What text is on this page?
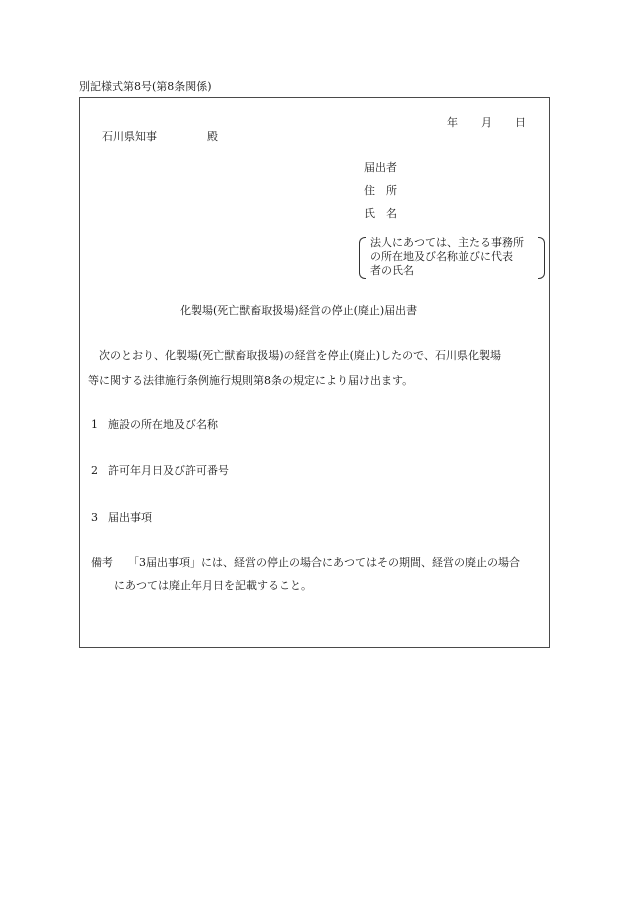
別記様式第8号(第8条関係)
年 月 日
石川県知事	殿
届出者
住　所
氏　名
法人にあつては、主たる事務所
の所在地及び名称並びに代表
者の氏名
化製場(死亡獣畜取扱場)経営の停止(廃止)届出書
　次のとおり、化製場(死亡獣畜取扱場)の経営を停止(廃止)したので、石川県化製場
等に関する法律施行条例施行規則第8条の規定により届け出ます。
1 施設の所在地及び名称
2 許可年月日及び許可番号
3 届出事項
備考 「3届出事項」には、経営の停止の場合にあつてはその期間、経営の廃止の場合
にあつては廃止年月日を記載すること。
